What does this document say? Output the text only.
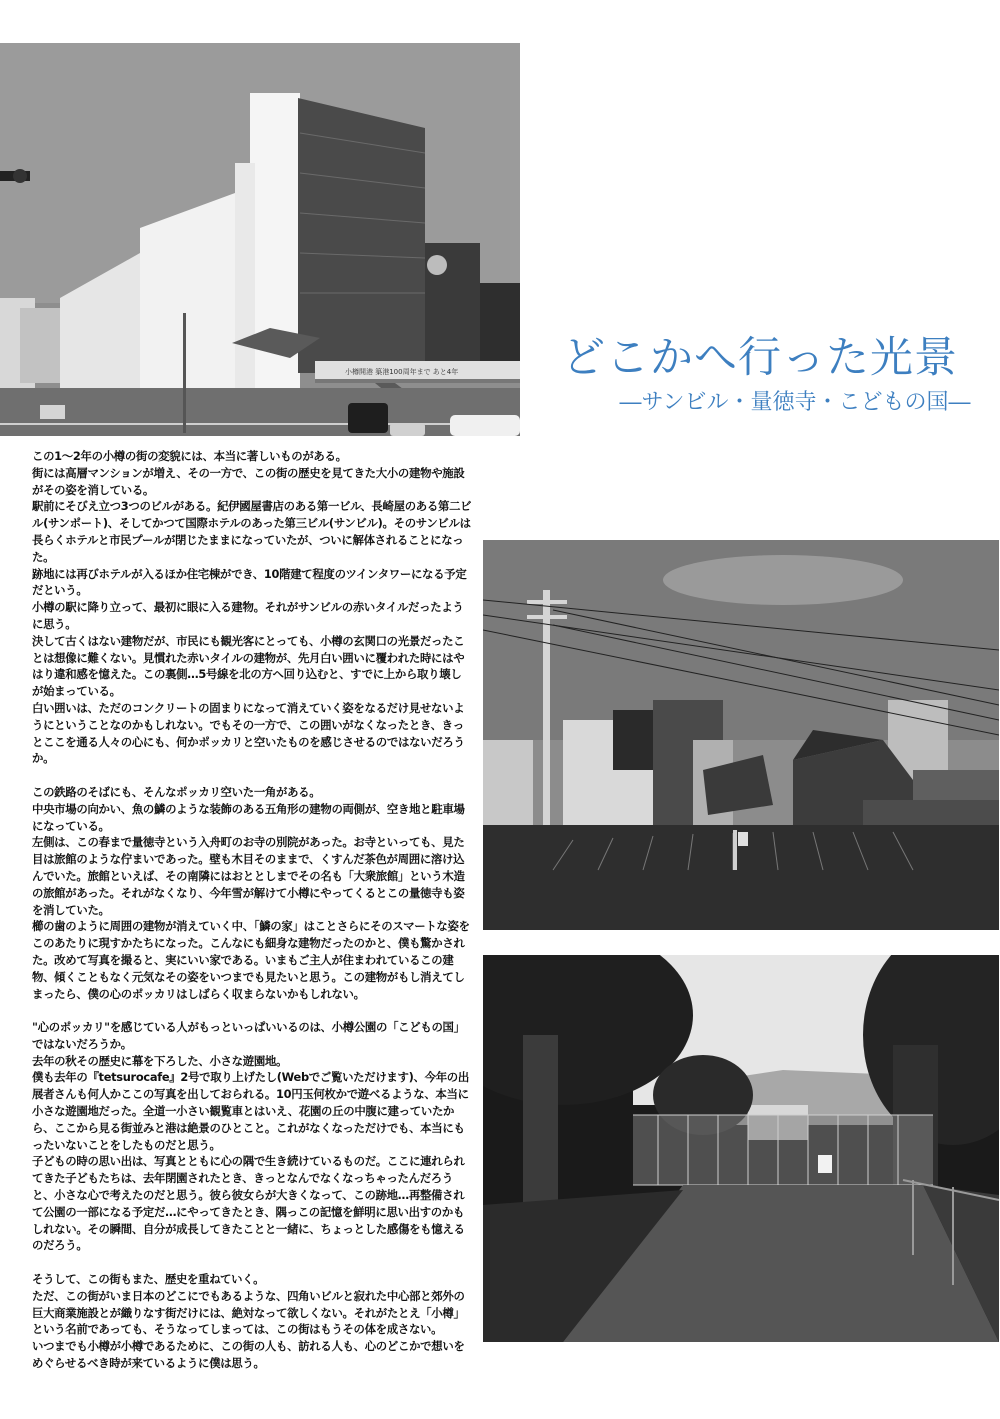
小樽開港 築港100周年まで あと4年	どこかへ行った光景
―サンビル・量徳寺・こどもの国―

この1〜2年の小樽の街の変貌には、本当に著しいものがある。
街には高層マンションが増え、その一方で、この街の歴史を見てきた大小の建物や施設がその姿を消している。
駅前にそびえ立つ3つのビルがある。紀伊國屋書店のある第一ビル、長崎屋のある第二ビル(サンポート)、そしてかつて国際ホテルのあった第三ビル(サンビル)。そのサンビルは長らくホテルと市民プールが閉じたままになっていたが、ついに解体されることになった。
跡地には再びホテルが入るほか住宅棟ができ、10階建て程度のツインタワーになる予定だという。
小樽の駅に降り立って、最初に眼に入る建物。それがサンビルの赤いタイルだったように思う。
決して古くはない建物だが、市民にも観光客にとっても、小樽の玄関口の光景だったことは想像に難くない。見慣れた赤いタイルの建物が、先月白い囲いに覆われた時にはやはり違和感を憶えた。この裏側…5号線を北の方へ回り込むと、すでに上から取り壊しが始まっている。
白い囲いは、ただのコンクリートの固まりになって消えていく姿をなるだけ見せないようにということなのかもしれない。でもその一方で、この囲いがなくなったとき、きっとここを通る人々の心にも、何かポッカリと空いたものを感じさせるのではないだろうか。

この鉄路のそばにも、そんなポッカリ空いた一角がある。
中央市場の向かい、魚の鱗のような装飾のある五角形の建物の両側が、空き地と駐車場になっている。
左側は、この春まで量徳寺という入舟町のお寺の別院があった。お寺といっても、見た目は旅館のような佇まいであった。壁も木目そのままで、くすんだ茶色が周囲に溶け込んでいた。旅館といえば、その南隣にはおととしまでその名も「大衆旅館」という木造の旅館があった。それがなくなり、今年雪が解けて小樽にやってくるとこの量徳寺も姿を消していた。
櫛の歯のように周囲の建物が消えていく中、「鱗の家」はことさらにそのスマートな姿をこのあたりに現すかたちになった。こんなにも細身な建物だったのかと、僕も驚かされた。改めて写真を撮ると、実にいい家である。いまもご主人が住まわれているこの建物、傾くこともなく元気なその姿をいつまでも見たいと思う。この建物がもし消えてしまったら、僕の心のポッカリはしばらく収まらないかもしれない。

"心のポッカリ"を感じている人がもっといっぱいいるのは、小樽公園の「こどもの国」ではないだろうか。
去年の秋その歴史に幕を下ろした、小さな遊園地。
僕も去年の『tetsurocafe』2号で取り上げたし(Webでご覧いただけます)、今年の出展者さんも何人かここの写真を出しておられる。10円玉何枚かで遊べるような、本当に小さな遊園地だった。全道一小さい観覧車とはいえ、花園の丘の中腹に建っていたから、ここから見る街並みと港は絶景のひとこと。これがなくなっただけでも、本当にもったいないことをしたものだと思う。
子どもの時の思い出は、写真とともに心の隅で生き続けているものだ。ここに連れられてきた子どもたちは、去年閉園されたとき、きっとなんでなくなっちゃったんだろうと、小さな心で考えたのだと思う。彼ら彼女らが大きくなって、この跡地…再整備されて公園の一部になる予定だ…にやってきたとき、隅っこの記憶を鮮明に思い出すのかもしれない。その瞬間、自分が成長してきたことと一緒に、ちょっとした感傷をも憶えるのだろう。

そうして、この街もまた、歴史を重ねていく。
ただ、この街がいま日本のどこにでもあるような、四角いビルと寂れた中心部と郊外の巨大商業施設とが織りなす街だけには、絶対なって欲しくない。それがたとえ「小樽」という名前であっても、そうなってしまっては、この街はもうその体を成さない。
いつまでも小樽が小樽であるために、この街の人も、訪れる人も、心のどこかで想いをめぐらせるべき時が来ているように僕は思う。
